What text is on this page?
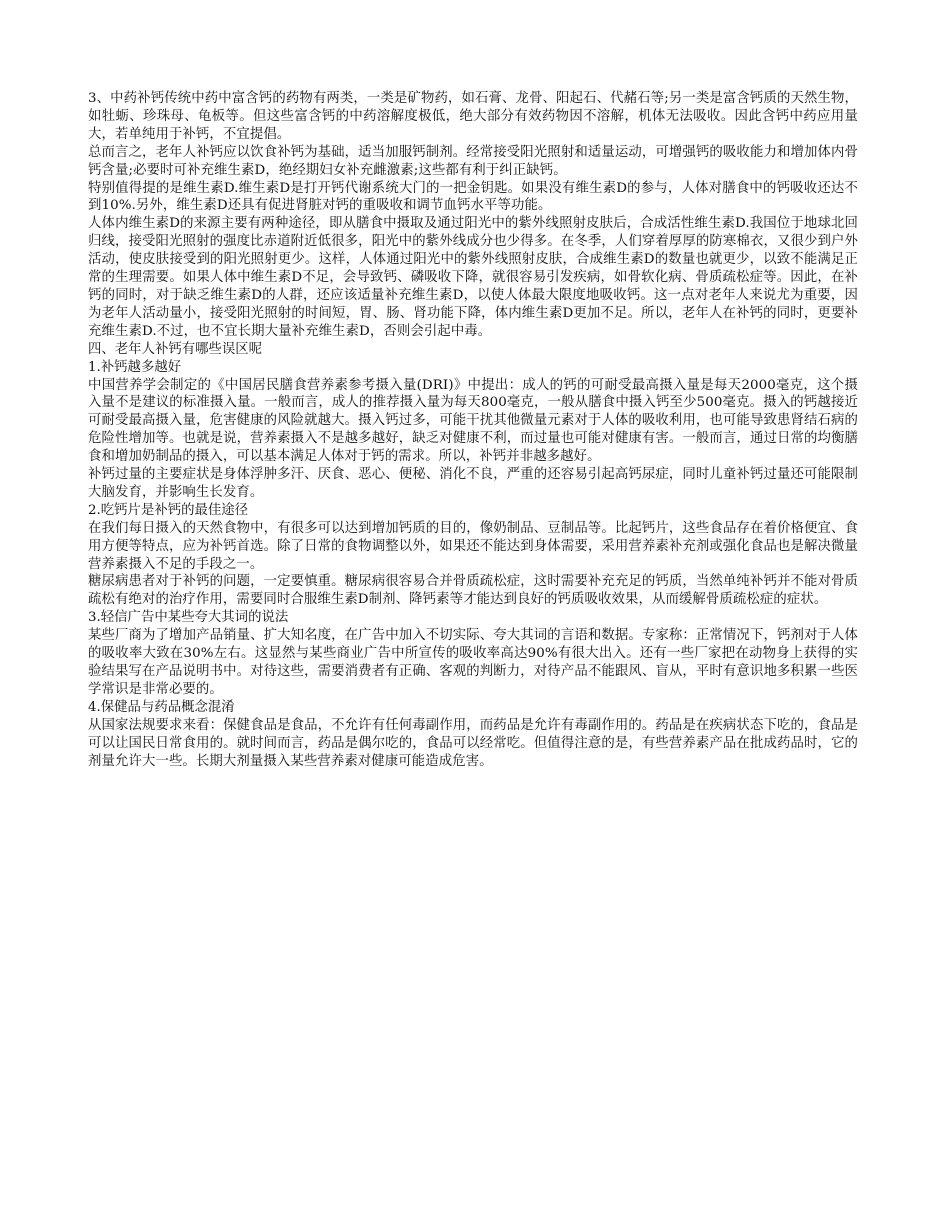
3、中药补钙传统中药中富含钙的药物有两类，一类是矿物药，如石膏、龙骨、阳起石、代赭石等;另一类是富含钙质的天然生物，如牡蛎、珍珠母、龟板等。但这些富含钙的中药溶解度极低，绝大部分有效药物因不溶解，机体无法吸收。因此含钙中药应用量大，若单纯用于补钙，不宜提倡。

总而言之，老年人补钙应以饮食补钙为基础，适当加服钙制剂。经常接受阳光照射和适量运动，可增强钙的吸收能力和增加体内骨钙含量;必要时可补充维生素D，绝经期妇女补充雌激素;这些都有利于纠正缺钙。

特别值得提的是维生素D.维生素D是打开钙代谢系统大门的一把金钥匙。如果没有维生素D的参与，人体对膳食中的钙吸收还达不到10%.另外，维生素D还具有促进肾脏对钙的重吸收和调节血钙水平等功能。

人体内维生素D的来源主要有两种途径，即从膳食中摄取及通过阳光中的紫外线照射皮肤后，合成活性维生素D.我国位于地球北回归线，接受阳光照射的强度比赤道附近低很多，阳光中的紫外线成分也少得多。在冬季，人们穿着厚厚的防寒棉衣，又很少到户外活动，使皮肤接受到的阳光照射更少。这样，人体通过阳光中的紫外线照射皮肤，合成维生素D的数量也就更少，以致不能满足正常的生理需要。如果人体中维生素D不足，会导致钙、磷吸收下降，就很容易引发疾病，如骨软化病、骨质疏松症等。因此，在补钙的同时，对于缺乏维生素D的人群，还应该适量补充维生素D，以使人体最大限度地吸收钙。这一点对老年人来说尤为重要，因为老年人活动量小，接受阳光照射的时间短，胃、肠、肾功能下降，体内维生素D更加不足。所以，老年人在补钙的同时，更要补充维生素D.不过，也不宜长期大量补充维生素D，否则会引起中毒。

四、老年人补钙有哪些误区呢

1.补钙越多越好

中国营养学会制定的《中国居民膳食营养素参考摄入量(DRI)》中提出：成人的钙的可耐受最高摄入量是每天2000毫克，这个摄入量不是建议的标准摄入量。一般而言，成人的推荐摄入量为每天800毫克，一般从膳食中摄入钙至少500毫克。摄入的钙越接近可耐受最高摄入量，危害健康的风险就越大。摄入钙过多，可能干扰其他微量元素对于人体的吸收利用，也可能导致患肾结石病的危险性增加等。也就是说，营养素摄入不是越多越好，缺乏对健康不利，而过量也可能对健康有害。一般而言，通过日常的均衡膳食和增加奶制品的摄入，可以基本满足人体对于钙的需求。所以，补钙并非越多越好。

补钙过量的主要症状是身体浮肿多汗、厌食、恶心、便秘、消化不良，严重的还容易引起高钙尿症，同时儿童补钙过量还可能限制大脑发育，并影响生长发育。

2.吃钙片是补钙的最佳途径

在我们每日摄入的天然食物中，有很多可以达到增加钙质的目的，像奶制品、豆制品等。比起钙片，这些食品存在着价格便宜、食用方便等特点，应为补钙首选。除了日常的食物调整以外，如果还不能达到身体需要，采用营养素补充剂或强化食品也是解决微量营养素摄入不足的手段之一。

糖尿病患者对于补钙的问题，一定要慎重。糖尿病很容易合并骨质疏松症，这时需要补充充足的钙质，当然单纯补钙并不能对骨质疏松有绝对的治疗作用，需要同时合服维生素D制剂、降钙素等才能达到良好的钙质吸收效果，从而缓解骨质疏松症的症状。

3.轻信广告中某些夸大其词的说法

某些厂商为了增加产品销量、扩大知名度，在广告中加入不切实际、夸大其词的言语和数据。专家称：正常情况下，钙剂对于人体的吸收率大致在30%左右。这显然与某些商业广告中所宣传的吸收率高达90%有很大出入。还有一些厂家把在动物身上获得的实验结果写在产品说明书中。对待这些，需要消费者有正确、客观的判断力，对待产品不能跟风、盲从，平时有意识地多积累一些医学常识是非常必要的。

4.保健品与药品概念混淆

从国家法规要求来看：保健食品是食品，不允许有任何毒副作用，而药品是允许有毒副作用的。药品是在疾病状态下吃的，食品是可以让国民日常食用的。就时间而言，药品是偶尔吃的，食品可以经常吃。但值得注意的是，有些营养素产品在批成药品时，它的剂量允许大一些。长期大剂量摄入某些营养素对健康可能造成危害。
